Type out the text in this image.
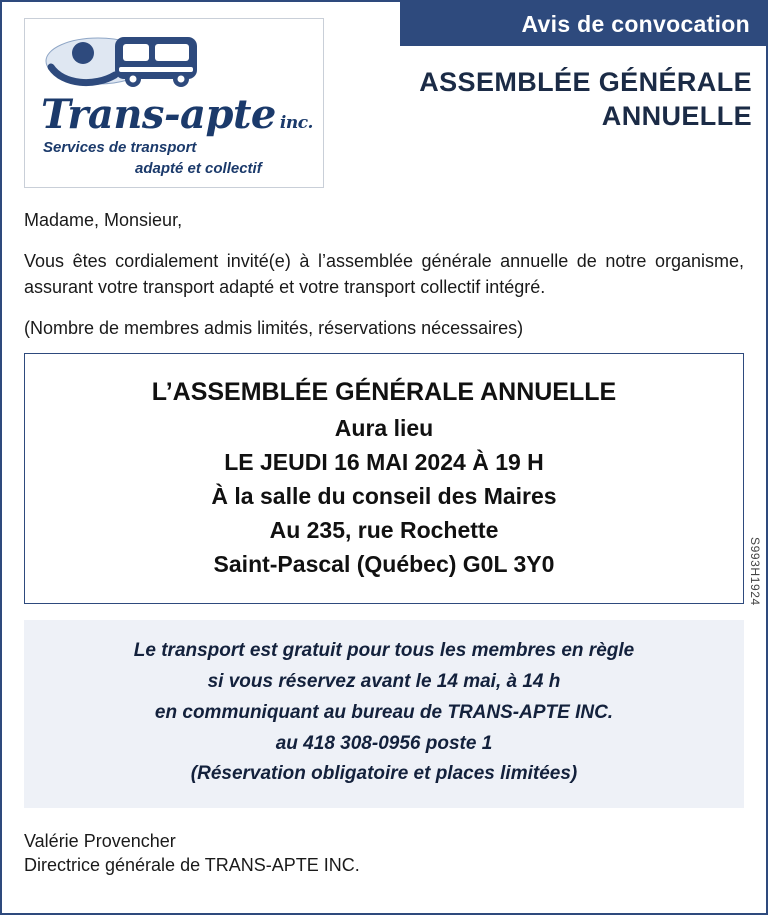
Avis de convocation
ASSEMBLÉE GÉNÉRALE
ANNUELLE
Trans-apte inc.
Services de transport
adapté et collectif
Madame, Monsieur,
Vous êtes cordialement invité(e) à l’assemblée générale annuelle de notre organisme, assurant votre transport adapté et votre transport collectif intégré.
(Nombre de membres admis limités, réservations nécessaires)
L’ASSEMBLÉE GÉNÉRALE ANNUELLE
Aura lieu
LE JEUDI 16 MAI 2024 À 19 H
À la salle du conseil des Maires
Au 235, rue Rochette
Saint-Pascal (Québec) G0L 3Y0
Le transport est gratuit pour tous les membres en règle
si vous réservez avant le 14 mai, à 14 h
en communiquant au bureau de TRANS-APTE INC.
au 418 308-0956 poste 1
(Réservation obligatoire et places limitées)
Valérie Provencher
Directrice générale de TRANS-APTE INC.
S993H1924
